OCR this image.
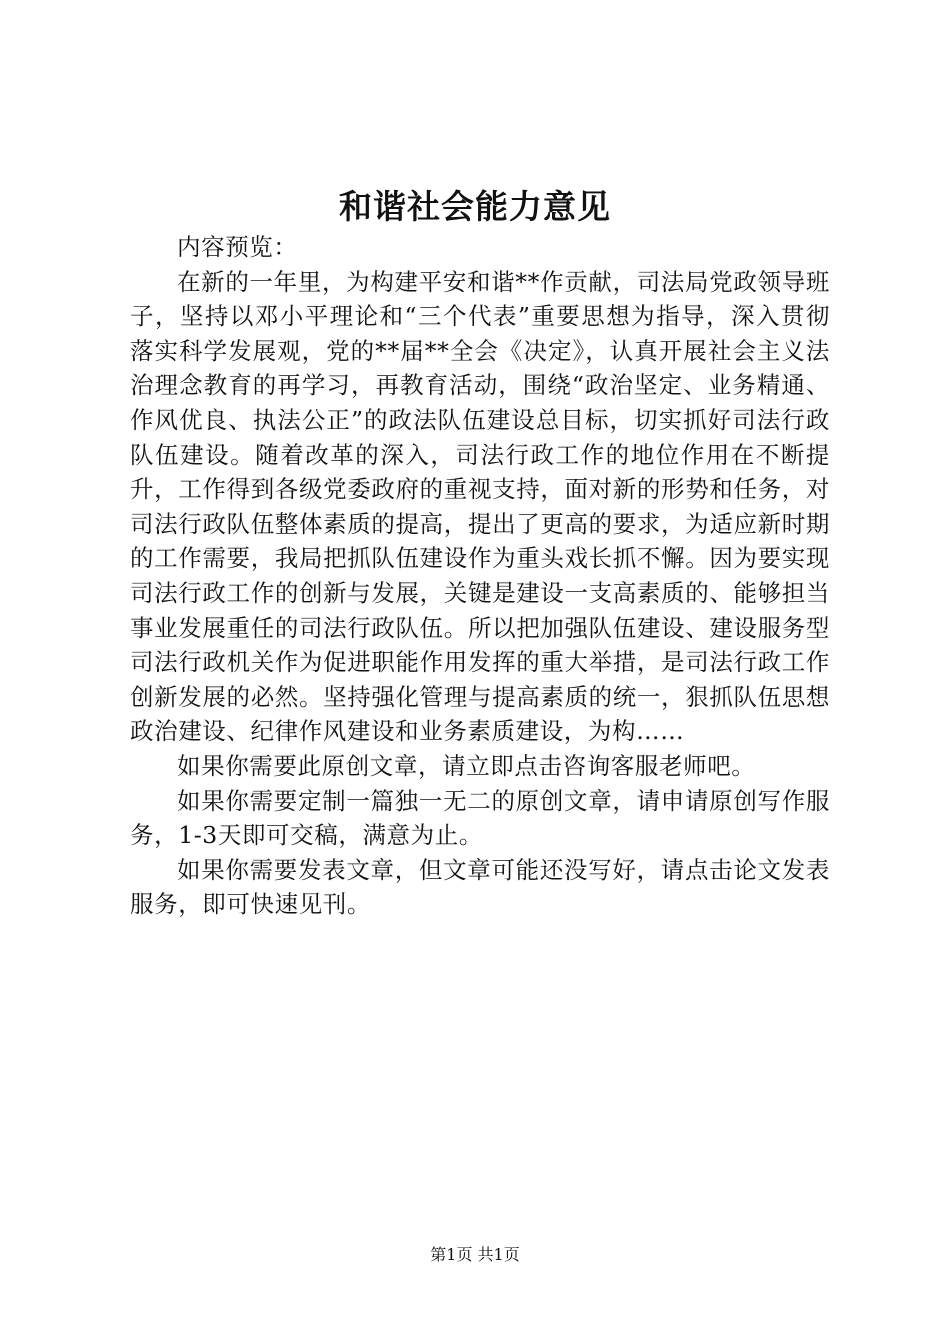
和谐社会能力意见

内容预览：

在新的一年里，为构建平安和谐**作贡献，司法局党政领导班子，坚持以邓小平理论和“三个代表”重要思想为指导，深入贯彻落实科学发展观，党的**届**全会《决定》，认真开展社会主义法治理念教育的再学习，再教育活动，围绕“政治坚定、业务精通、作风优良、执法公正”的政法队伍建设总目标，切实抓好司法行政队伍建设。随着改革的深入，司法行政工作的地位作用在不断提升，工作得到各级党委政府的重视支持，面对新的形势和任务，对司法行政队伍整体素质的提高，提出了更高的要求，为适应新时期的工作需要，我局把抓队伍建设作为重头戏长抓不懈。因为要实现司法行政工作的创新与发展，关键是建设一支高素质的、能够担当事业发展重任的司法行政队伍。所以把加强队伍建设、建设服务型司法行政机关作为促进职能作用发挥的重大举措，是司法行政工作创新发展的必然。坚持强化管理与提高素质的统一，狠抓队伍思想政治建设、纪律作风建设和业务素质建设，为构……

如果你需要此原创文章，请立即点击咨询客服老师吧。

如果你需要定制一篇独一无二的原创文章，请申请原创写作服务，1-3天即可交稿，满意为止。

如果你需要发表文章，但文章可能还没写好，请点击论文发表服务，即可快速见刊。

第1页 共1页
